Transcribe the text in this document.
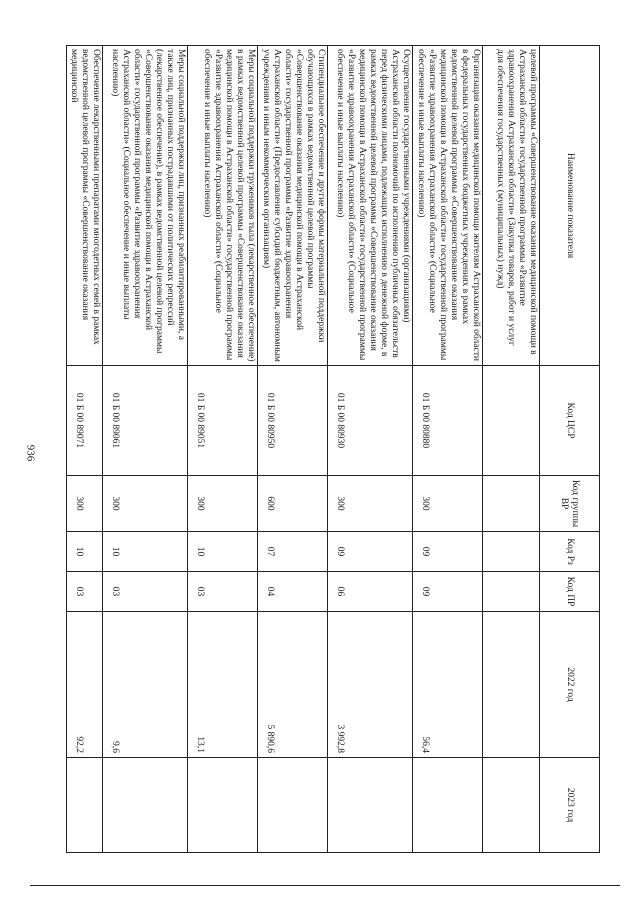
936
Наименование показателя	Код ЦСР	Код группы ВР	Код Рз	Код ПР	2022 год	2023 год
целевой программы «Совершенствование оказания медицинской помощи в Астраханской области» государственной программы «Развитие здравоохранения Астраханской области» (Закупка товаров, работ и услуг для обеспечения государственных (муниципальных) нужд)						
Организация оказания медицинской помощи жителям Астраханской области в федеральных государственных бюджетных учреждениях в рамках ведомственной целевой программы «Совершенствование оказания медицинской помощи в Астраханской области» государственной программы «Развитие здравоохранения Астраханской области» (Социальное обеспечение и иные выплаты населению)	01 Б 00 80880	300	09	09	56,4	
Осуществление государственными учреждениями (организациями) Астраханской области полномочий по исполнению публичных обязательств перед физическими лицами, подлежащих исполнению в денежной форме, в рамках ведомственной целевой программы «Совершенствование оказания медицинской помощи в Астраханской области» государственной программы «Развитие здравоохранения Астраханской области» (Социальное обеспечение и иные выплаты населению)	01 Б 00 80930	300	09	06	3 992,8	
Стипендиальное обеспечение и другие формы материальной поддержки обучающихся в рамках ведомственной целевой программы «Совершенствование оказания медицинской помощи в Астраханской области» государственной программы «Развитие здравоохранения Астраханской области» (Предоставление субсидий бюджетным, автономным учреждениям и иным некоммерческим организациям)	01 Б 00 80950	600	07	04	5 890,6	
Меры социальной поддержки тружеников тыла (лекарственное обеспечение) в рамках ведомственной целевой программы «Совершенствование оказания медицинской помощи в Астраханской области» государственной программы «Развитие здравоохранения Астраханской области» (Социальное обеспечение и иные выплаты населению)	01 Б 00 89051	300	10	03	13,1	
Меры социальной поддержки лиц, признанных реабилитированными, а также лиц, признанных пострадавшими от политических репрессий (лекарственное обеспечение), в рамках ведомственной целевой программы «Совершенствование оказания медицинской помощи в Астраханской области» государственной программы «Развитие здравоохранения Астраханской области» (Социальное обеспечение и иные выплаты населению)	01 Б 00 89061	300	10	03	9,6	
Обеспечение лекарственными препаратами многодетных семей в рамках ведомственной целевой программы «Совершенствование оказания медицинской	01 Б 00 89071	300	10	03	92,2	
